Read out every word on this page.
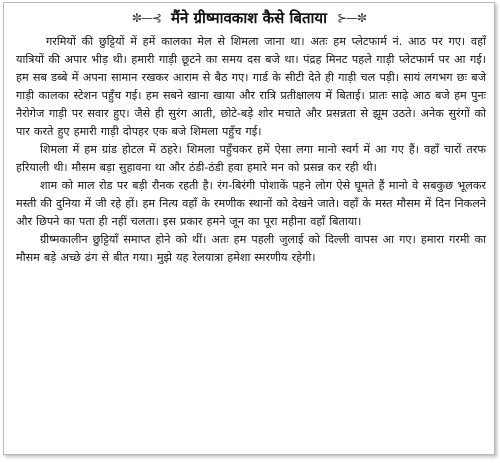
✼—⊰ मैंने ग्रीष्मावकाश कैसे बिताया ⊱—✼

गरमियों की छुट्टियों में हमें कालका मेल से शिमला जाना था। अतः हम प्लेटफार्म नं. आठ पर गए। वहाँ यात्रियों की अपार भीड़ थी। हमारी गाड़ी छूटने का समय दस बजे था। पंद्रह मिनट पहले गाड़ी प्लेटफार्म पर आ गई। हम सब डब्बे में अपना सामान रखकर आराम से बैठ गए। गार्ड के सीटी देते ही गाड़ी चल पड़ी। सायं लगभग छः बजे गाड़ी कालका स्टेशन पहुँच गई। हम सबने खाना खाया और रात्रि प्रतीक्षालय में बिताई। प्रातः साढ़े आठ बजे हम पुनः नैरोगेज गाड़ी पर सवार हुए। जैसे ही सुरंग आती, छोटे-बड़े शोर मचाते और प्रसन्नता से झूम उठते। अनेक सुरंगों को पार करते हुए हमारी गाड़ी दोपहर एक बजे शिमला पहुँच गई।

शिमला में हम ग्रांड होटल में ठहरे। शिमला पहुँचकर हमें ऐसा लगा मानो स्वर्ग में आ गए हैं। वहाँ चारों तरफ हरियाली थी। मौसम बड़ा सुहावना था और ठंडी-ठंडी हवा हमारे मन को प्रसन्न कर रही थी।

शाम को माल रोड पर बड़ी रौनक रहती है। रंग-बिरंगी पोशाकें पहने लोग ऐसे घूमते हैं मानो वे सबकुछ भूलकर मस्ती की दुनिया में जी रहे हों। हम नित्य वहाँ के रमणीक स्थानों को देखने जाते। वहाँ के मस्त मौसम में दिन निकलने और छिपने का पता ही नहीं चलता। इस प्रकार हमने जून का पूरा महीना वहाँ बिताया।

ग्रीष्मकालीन छुट्टियाँ समाप्त होने को थीं। अतः हम पहली जुलाई को दिल्ली वापस आ गए। हमारा गरमी का मौसम बड़े अच्छे ढंग से बीत गया। मुझे यह रेलयात्रा हमेशा स्मरणीय रहेगी।
